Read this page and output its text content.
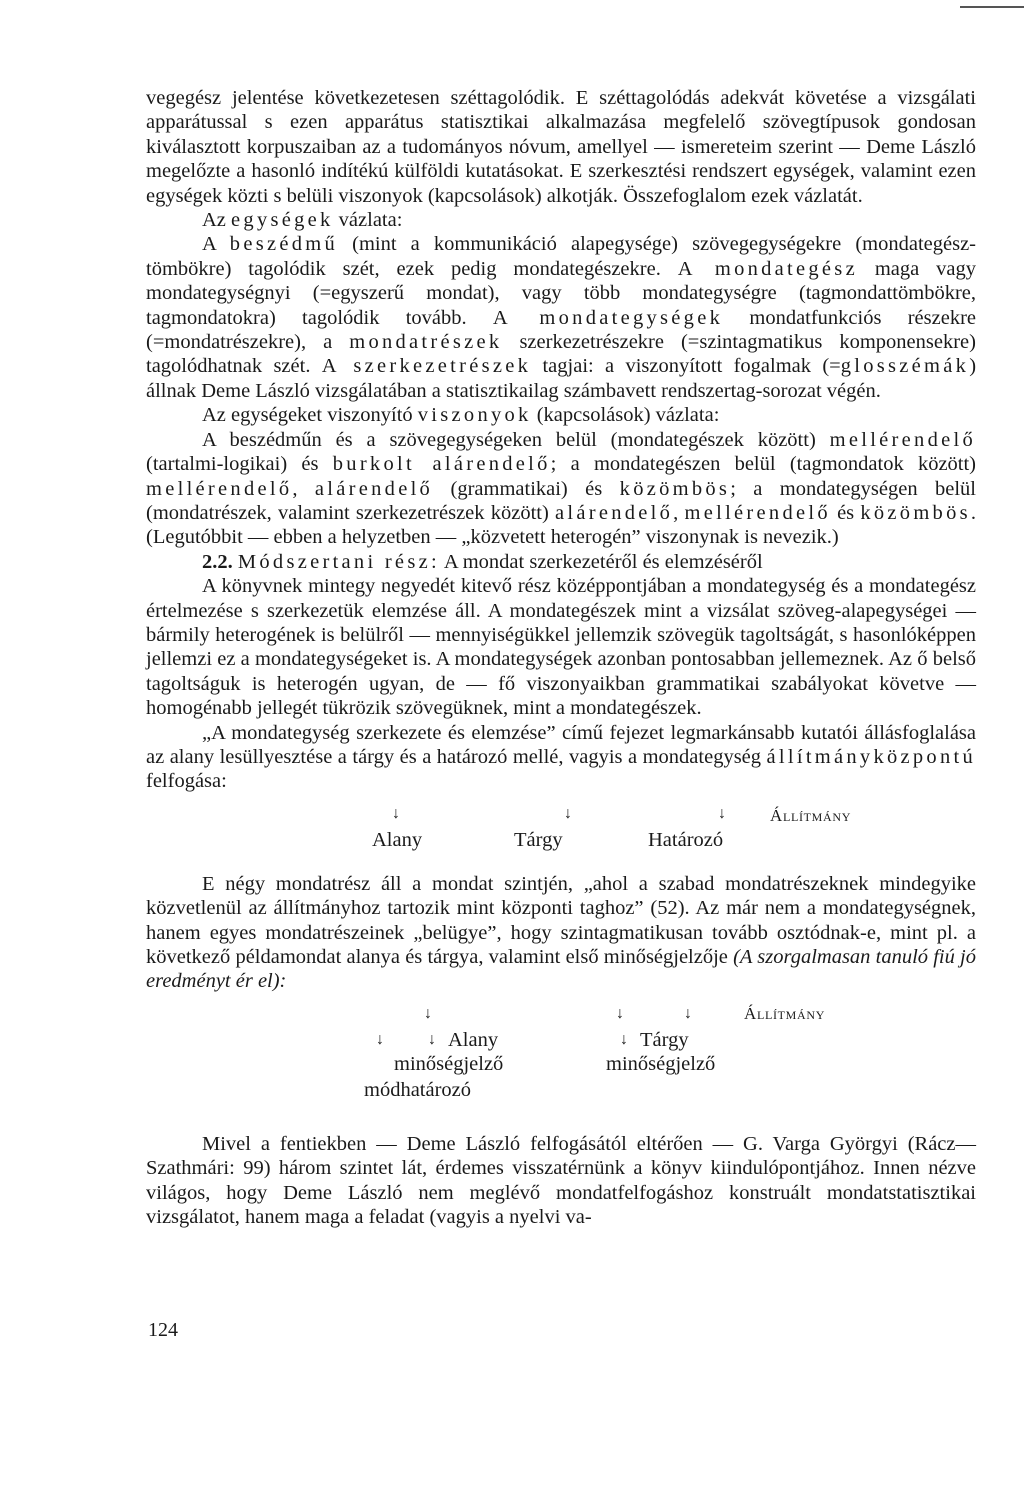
vegegész jelentése következetesen széttagolódik. E széttagolódás adekvát követése a vizsgálati apparátussal s ezen apparátus statisztikai alkalmazása megfelelő szövegtípusok gondosan kiválasztott korpuszaiban az a tudományos nóvum, amellyel — ismereteim szerint — Deme László megelőzte a hasonló indítékú külföldi kutatásokat. E szerkesztési rendszert egységek, valamint ezen egységek közti s belüli viszonyok (kapcsolások) alkotják. Összefoglalom ezek vázlatát.

Az egységek vázlata:

A beszédmű (mint a kommunikáció alapegysége) szövegegységekre (mondategész-tömbökre) tagolódik szét, ezek pedig mondategészekre. A mondategész maga vagy mondategységnyi (=egyszerű mondat), vagy több mondategységre (tagmondattömbökre, tagmondatokra) tagolódik tovább. A mondategységek mondatfunkciós részekre (=mondatrészekre), a mondatrészek szerkezetrészekre (=szintagmatikus komponensekre) tagolódhatnak szét. A szerkezetrészek tagjai: a viszonyított fogalmak (=glosszémák) állnak Deme László vizsgálatában a statisztikailag számbavett rendszertag-sorozat végén.

Az egységeket viszonyító viszonyok (kapcsolások) vázlata:

A beszédműn és a szövegegységeken belül (mondategészek között) mellérendelő (tartalmi-logikai) és burkolt alárendelő; a mondategészen belül (tagmondatok között) mellérendelő, alárendelő (grammatikai) és közömbös; a mondategységen belül (mondatrészek, valamint szerkezetrészek között) alárendelő, mellérendelő és közömbös. (Legutóbbit — ebben a helyzetben — „közvetett heterogén” viszonynak is nevezik.)

2.2. Módszertani rész: A mondat szerkezetéről és elemzéséről

A könyvnek mintegy negyedét kitevő rész középpontjában a mondategység és a mondategész értelmezése s szerkezetük elemzése áll. A mondategészek mint a vizsálat szöveg-alapegységei — bármily heterogének is belülről — mennyiségükkel jellemzik szövegük tagoltságát, s hasonlóképpen jellemzi ez a mondategységeket is. A mondategységek azonban pontosabban jellemeznek. Az ő belső tagoltságuk is heterogén ugyan, de — fő viszonyaikban grammatikai szabályokat követve — homogénabb jellegét tükrözik szövegüknek, mint a mondategészek.

„A mondategység szerkezete és elemzése” című fejezet legmarkánsabb kutatói állásfoglalása az alany lesüllyesztése a tárgy és a határozó mellé, vagyis a mondategység állítmányközpontú felfogása:

↓	↓	↓	Állítmány
Alany	Tárgy	Határozó

E négy mondatrész áll a mondat szintjén, „ahol a szabad mondatrészeknek mindegyike közvetlenül az állítmányhoz tartozik mint központi taghoz” (52). Az már nem a mondategységnek, hanem egyes mondatrészeinek „belügye”, hogy szintagmatikusan tovább osztódnak-e, mint pl. a következő példamondat alanya és tárgya, valamint első minőségjelzője (A szorgalmasan tanuló fiú jó eredményt ér el):

↓	↓	↓	Állítmány
↓	↓	↓
Alany	Tárgy
minőségjelző	minőségjelző
módhatározó

Mivel a fentiekben — Deme László felfogásától eltérően — G. Varga Györgyi (Rácz—Szathmári: 99) három szintet lát, érdemes visszatérnünk a könyv kiindulópontjához. Innen nézve világos, hogy Deme László nem meglévő mondatfelfogáshoz konstruált mondatstatisztikai vizsgálatot, hanem maga a feladat (vagyis a nyelvi va-

124
